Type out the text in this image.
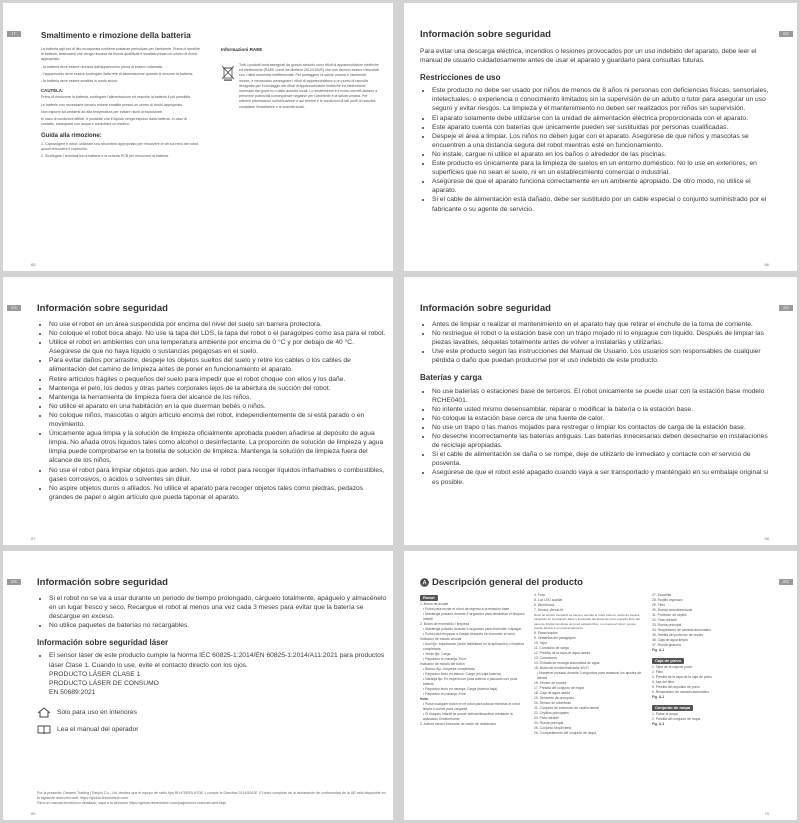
IT	Smaltimento e rimozione della batteria

La batteria agli ioni di litio incorporata contiene sostanze pericolose per l'ambiente. Prima di smaltire la batteria, assicurarsi che venga rimossa da tecnici qualificati e smaltita presso un centro di riciclo appropriato.

- la batteria deve essere rimossa dall'apparecchio prima di essere rottamata;

- l'apparecchio deve essere scollegato dalla rete di alimentazione quando si rimuove la batteria;

- la batteria deve essere smaltita in modo sicuro.

CAUTELA:

Prima di rimuovere la batteria, scollegare l'alimentazione ed esaurire la batteria il più possibile.

Le batterie non necessarie devono essere smaltite presso un centro di riciclo appropriato.

Non esporre ad ambienti ad alta temperatura per evitare rischi di esplosione.

In caso di condizioni difficili, è possibile che il liquido venga espulso dalla batteria. In caso di contatto, sciacquare con acqua e consultare un medico.

Guida alla rimozione:

1. Capovolgere il robot, utilizzare uno strumento appropriato per rimuovere le viti sul retro del robot, quindi rimuovere il coperchio.

2. Scollegare i terminali tra la batteria e la scheda PCB per rimuovere la batteria.

Informazioni RAEE

Tutti i prodotti contrassegnati da questo simbolo sono rifiuti di apparecchiature elettriche ed elettroniche (RAEE come da direttiva 2012/19/UE) che non devono essere mescolati con i rifiuti domestici indifferenziati. Per proteggere la salute umana e l'ambiente, invece, è necessario consegnare i rifiuti di apparecchiature a un punto di raccolta designato per il riciclaggio dei rifiuti di apparecchiature elettriche ed elettroniche, nominato dal governo o dalle autorità locali. Lo smaltimento e il riciclo corretti aiutano a prevenire potenziali conseguenze negative per l'ambiente e la salute umana. Per ulteriori informazioni sull'ubicazione e sui termini e le condizioni di tali punti di raccolta, contattare l'installatore o le autorità locali.

65
ES
Información sobre seguridad

Para evitar una descarga eléctrica, incendios o lesiones provocados por un uso indebido del aparato, debe leer el manual de usuario cuidadosamente antes de usar el aparato y guardarlo para consultas futuras.

Restricciones de uso
• Este producto no debe ser usado por niños de menos de 8 años ni personas con deficiencias físicas, sensoriales, intelectuales, o experiencia o conocimiento limitados sin la supervisión de un adulto o tutor para asegurar un uso seguro y evitar riesgos. La limpieza y el mantenimiento no deben ser realizados por niños sin supervisión.
• El aparato solamente debe utilizarse con la unidad de alimentación eléctrica proporcionada con el aparato.
• Este aparato cuenta con baterías que únicamente pueden ser sustituidas por personas cualificadas.
• Despeje el área a limpiar. Los niños no deben jugar con el aparato. Asegúrese de que niños y mascotas se encuentren a una distancia segura del robot mientras esté en funcionamiento.
• No instale, cargue ni utilice el aparato en los baños o alrededor de las piscinas.
• Este producto es únicamente para la limpieza de suelos en un entorno doméstico. No lo use en exteriores, en superficies que no sean el suelo, ni en un establecimiento comercial o industrial.
• Asegúrese de que el aparato funciona correctamente en un ambiente apropiado. De otro modo, no utilice el aparato.
• Si el cable de alimentación está dañado, debe ser sustituido por un cable especial o conjunto suministrado por el fabricante o su agente de servicio.
66
ES	Información sobre seguridad
• No use el robot en un área suspendida por encima del nivel del suelo sin barrera protectora.
• No coloque el robot boca abajo. No use la tapa del LDS, la tapa del robot o el paragolpes como asa para el robot.
• Utilice el robot en ambientes con una temperatura ambiente por encima de 0 °C y por debajo de 40 °C. Asegúrese de que no haya líquido o sustancias pegajosas en el suelo.
• Para evitar daños por arrastre, despeje los objetos sueltos del suelo y retire los cables o los cables de alimentación del camino de limpieza antes de poner en funcionamiento el aparato.
• Retire artículos frágiles o pequeños del suelo para impedir que el robot choque con ellos y los dañe.
• Mantenga el pelo, los dedos y otras partes corporales lejos de la abertura de succión del robot.
• Mantenga la herramienta de limpieza fuera del alcance de los niños.
• No utilice el aparato en una habitación en la que duerman bebés o niños.
• No coloque niños, mascotas o algún artículo encima del robot, independientemente de si está parado o en movimiento.
• Únicamente agua limpia y la solución de limpieza oficialmente aprobada pueden añadirse al depósito de agua limpia. No añada otros líquidos tales como alcohol o desinfectante. La proporción de solución de limpieza y agua limpia puede comprobarse en la botella de solución de limpieza. Mantenga la solución de limpieza fuera del alcance de los niños.
• No use el robot para limpiar objetos que arden. No use el robot para recoger líquidos inflamables o combustibles, gases corrosivos, o ácidos o solventes sin diluir.
• No aspire objetos duros o afilados. No utilice el aparato para recoger objetos tales como piedras, pedazos grandes de papel o algún artículo que pueda taponar el aparato.
67
ES
Información sobre seguridad
• Antes de limpiar o realizar el mantenimiento en el aparato hay que retirar el enchufe de la toma de corriente.
• No restriegue el robot o la estación base con un trapo mojado ni lo enjuague con líquido. Después de limpiar las piezas lavables, séquelas totalmente antes de volver a instalarlas y utilizarlas.
• Use este producto según las instrucciones del Manual de Usuario. Los usuarios son responsables de cualquier pérdida o daño que puedan producirse por el uso indebido de este producto.
Baterías y carga
• No use baterías o estaciones base de terceros. El robot únicamente se puede usar con la estación base modelo RCHE0401.
• No intente usted mismo desensamblar, reparar o modificar la batería o la estación base.
• No coloque la estación base cerca de una fuente de calor.
• No use un trapo o las manos mojados para restregar o limpiar los contactos de carga de la estación base.
• No deseche incorrectamente las baterías antiguas. Las baterías innecesarias deben desecharse en instalaciones de reciclaje apropiadas.
• Si el cable de alimentación se daña o se rompe, deje de utilizarlo de inmediato y contacte con el servicio de posventa.
• Asegúrese de que el robot esté apagado cuando vaya a ser transportado y manténgalo en su embalaje original si es posible.
68
ES	Información sobre seguridad
• Si el robot no se va a usar durante un periodo de tiempo prolongado, cárguelo totalmente, apáguelo y almacénelo en un lugar fresco y seco. Recargue el robot al menos una vez cada 3 meses para evitar que la batería se descargue en exceso.
• No utilice paquetes de baterías no recargables.
Información sobre seguridad láser
• El sensor láser de este producto cumple la Norma IEC 60825-1:2014/EN 60825-1:2014/A11:2021 para productos láser Clase 1. Cuando lo use, evite el contacto directo con los ojos.
PRODUCTO LÁSER CLASE 1
PRODUCTO LÁSER DE CONSUMO
EN 50689:2021
Solo para uso en interiores
Lea el manual del operador
Por la presente, Dreame Trading (Tianjin) Co., Ltd. declara que el equipo de radio tipo RLH70E/RLH70E-1 cumple la Directiva 2014/53/UE. El texto completo de la declaración de conformidad de la UE está disponible en la siguiente dirección web: https://global.dreametech.com
Para un manual electrónico detallado, vaya a la dirección https://global.dreametech.com/pages/user-manuals-and-faqs
69
ES
A Descripción general del producto
Robot
1. Botón de acople
• Pulse para enviar el robot de regreso a la estación base
• Mantenga pulsado durante 3 segundos para desactivar el bloqueo infantil
2. Botón de encendido / limpieza
• Mantenga pulsado durante 3 segundos para encender o apagar
• Pulse para empezar a limpiar después de encender el robot
Indicador de estado circular
• Azul fijo: Impulsando (debe habilitarse en la aplicación) o limpieza completada
• Verde fijo: Carga
• Parpadeo en naranja: Error
Indicador de estado del botón
• Blanco fijo: Limpieza completada
• Parpadeo lento en blanco: Carga (en baja batería)
• Naranja fijo: En espera con poca batería o pausado con poca batería
• Parpadeo lento en naranja: Carga (batería baja)
• Parpadeo en naranja: Error
Nota:
• Pulse cualquier botón en el robot para pausar mientras el robot limpia o vuelve para cargarse.
• El bloqueo infantil se puede activar/desactivar mediante la aplicación Dreamehome.
3. Activar sensor binocular de visión de obstáculos
4. Foco
5. Luz LED auxiliar
6. Micrófonos
7. Sensor VersaLift
Nota: El sensor VersaLift se eleva o cambia el robot está en modo de espera, cargando en la estación base o limpiando las áreas de poco espacio libre. En caso de limpiar las áreas de poco espacio libre, no mueva el robot, ya que puede afectar a su posicionamiento.
8. Parachoques
9. Ventanilla del paragolpes
10. Tapa
11. Contactos de carga
12. Presilla de la tapa de agua usada
13. Conectores
14. Entrada de recarga automática de agua
15. Botón de reinicio/indicador Wi-Fi
• Mantener pulsado durante 3 segundos para restaurar los ajustes de fábrica
16. Sensor de bordes
17. Presilla del conjunto de mopa
18. Caja de agua usada
19. Sensores de precipicio
20. Sensor de alfombras
21. Conjunto de extensión de cepillo lateral
22. Cepillos principales
23. Pata retráctil
24. Rueda principal
25. Conjunto MopExtend
26. Compartimento del conjunto de mopa
27. Escobilla
28. Rodillo espinazo
29. Filtro
30. Rueda omnidireccional
31. Protector de cepillo
32. Pata retráctil
33. Rueda principal
34. Respiradero de vaciado automático
35. Hebilla del protector de cepillo
36. Caja de agua limpia
37. Rueda giratoria
Fig. A-1
Caja de polvo
1. Tapa de la caja de polvo
2. Filtro
3. Presilla de la tapa de la caja de polvo
4. Asa del filtro
5. Presilla del depósito de polvo
6. Respiradero de vaciado automático
Fig. A-2
Conjunto de mopa
1. Pasar la mopa
2. Presilla del conjunto de mopa
Fig. A-3
70
